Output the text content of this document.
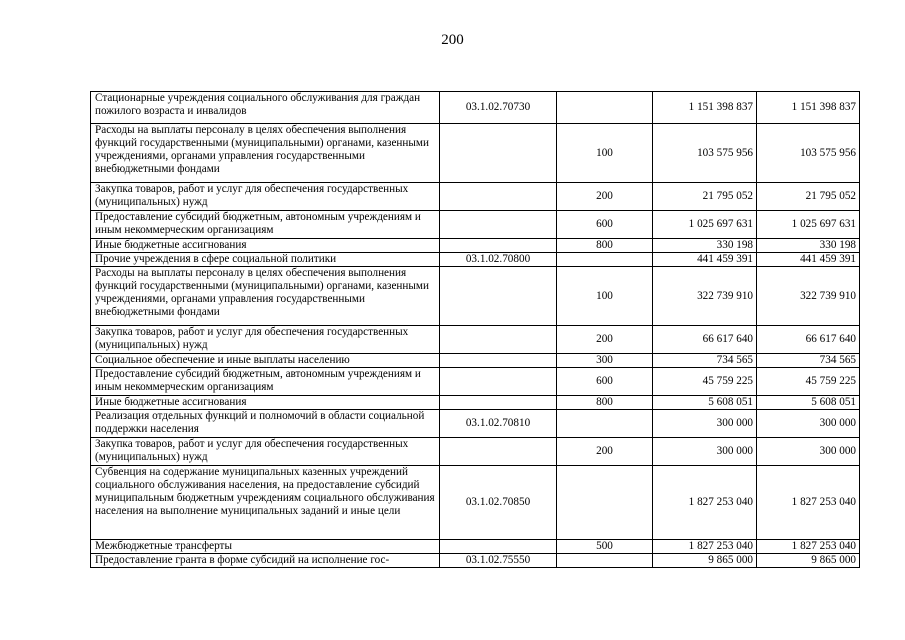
200
Стационарные учреждения социального обслуживания для граждан пожилого возраста и инвалидов	03.1.02.70730		1 151 398 837	1 151 398 837
Расходы на выплаты персоналу в целях обеспечения выполнения функций государственными (муниципальными) органами, казенными учреждениями, органами управления государственными внебюджетными фондами		100	103 575 956	103 575 956
Закупка товаров, работ и услуг для обеспечения государственных (муниципальных) нужд		200	21 795 052	21 795 052
Предоставление субсидий бюджетным, автономным учреждениям и иным некоммерческим организациям		600	1 025 697 631	1 025 697 631
Иные бюджетные ассигнования		800	330 198	330 198
Прочие учреждения в сфере социальной политики	03.1.02.70800		441 459 391	441 459 391
Расходы на выплаты персоналу в целях обеспечения выполнения функций государственными (муниципальными) органами, казенными учреждениями, органами управления государственными внебюджетными фондами		100	322 739 910	322 739 910
Закупка товаров, работ и услуг для обеспечения государственных (муниципальных) нужд		200	66 617 640	66 617 640
Социальное обеспечение и иные выплаты населению		300	734 565	734 565
Предоставление субсидий бюджетным, автономным учреждениям и иным некоммерческим организациям		600	45 759 225	45 759 225
Иные бюджетные ассигнования		800	5 608 051	5 608 051
Реализация отдельных функций и полномочий в области социальной поддержки населения	03.1.02.70810		300 000	300 000
Закупка товаров, работ и услуг для обеспечения государственных (муниципальных) нужд		200	300 000	300 000
Субвенция на содержание муниципальных казенных учреждений социального обслуживания населения, на предоставление субсидий муниципальным бюджетным учреждениям социального обслуживания населения на выполнение муниципальных заданий и иные цели	03.1.02.70850		1 827 253 040	1 827 253 040
Межбюджетные трансферты		500	1 827 253 040	1 827 253 040
Предоставление гранта в форме субсидий на исполнение гос-	03.1.02.75550		9 865 000	9 865 000
